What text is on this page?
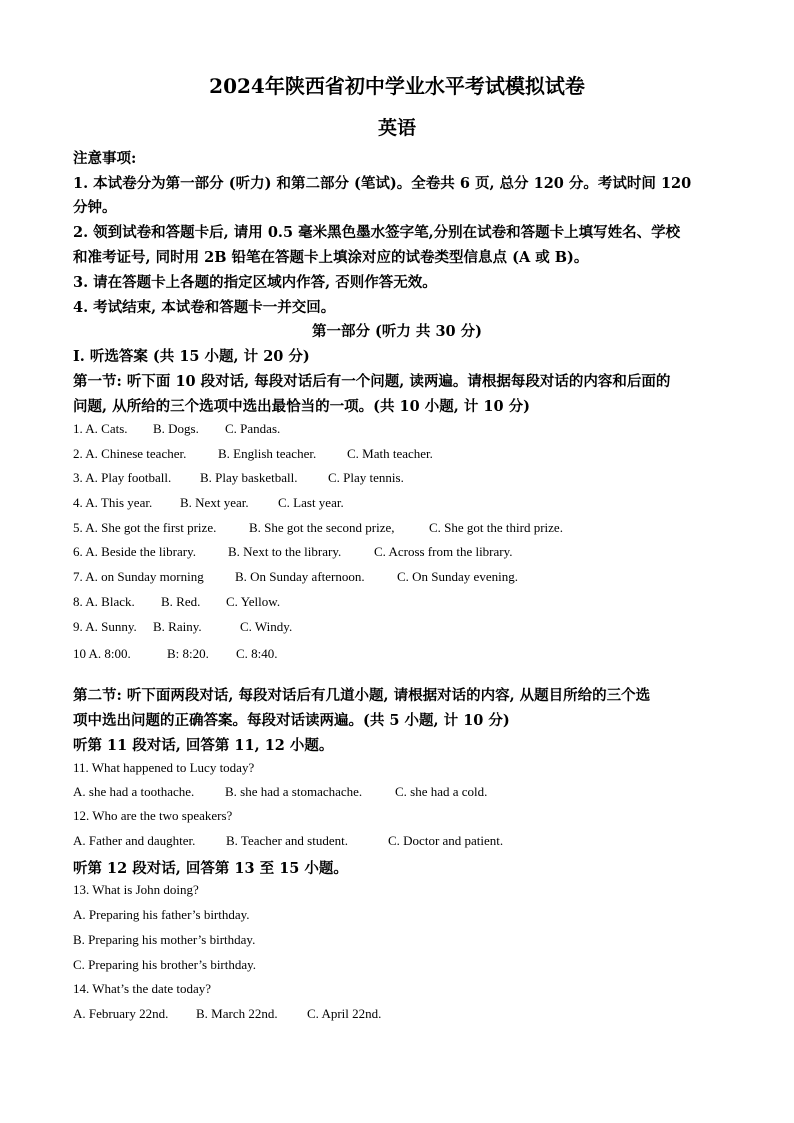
2024年陕西省初中学业水平考试模拟试卷
英语
注意事项:
1. 本试卷分为第一部分 (听力) 和第二部分 (笔试)。全卷共 6 页, 总分 120 分。考试时间 120
分钟。
2. 领到试卷和答题卡后, 请用 0.5 毫米黑色墨水签字笔,分别在试卷和答题卡上填写姓名、学校
和准考证号, 同时用 2B 铅笔在答题卡上填涂对应的试卷类型信息点 (A 或 B)。
3. 请在答题卡上各题的指定区域内作答, 否则作答无效。
4. 考试结束, 本试卷和答题卡一并交回。
第一部分 (听力 共 30 分)
I. 听选答案 (共 15 小题, 计 20 分)
第一节: 听下面 10 段对话, 每段对话后有一个问题, 读两遍。请根据每段对话的内容和后面的
问题, 从所给的三个选项中选出最恰当的一项。(共 10 小题, 计 10 分)
1. A. Cats. B. Dogs. C. Pandas.
2. A. Chinese teacher. B. English teacher. C. Math teacher.
3. A. Play football. B. Play basketball. C. Play tennis.
4. A. This year. B. Next year. C. Last year.
5. A. She got the first prize.	B. She got the second prize,	C. She got the third prize.
6. A. Beside the library. B. Next to the library.	C. Across from the library.
7. A. on Sunday morning B. On Sunday afternoon. C. On Sunday evening.
8. A. Black. B. Red. C. Yellow.
9. A. Sunny. B. Rainy.	C. Windy.
10 A. 8:00.	B: 8:20. C. 8:40.
第二节: 听下面两段对话, 每段对话后有几道小题, 请根据对话的内容, 从题目所给的三个选
项中选出问题的正确答案。每段对话读两遍。(共 5 小题, 计 10 分)
听第 11 段对话, 回答第 11, 12 小题。
11. What happened to Lucy today?
A. she had a toothache. B. she had a stomachache.	C. she had a cold.
12. Who are the two speakers?
A. Father and daughter. B. Teacher and student.	C. Doctor and patient.
听第 12 段对话, 回答第 13 至 15 小题。
13. What is John doing?
A. Preparing his father’s birthday.
B. Preparing his mother’s birthday.
C. Preparing his brother’s birthday.
14. What’s the date today?
A. February 22nd. B. March 22nd. C. April 22nd.
